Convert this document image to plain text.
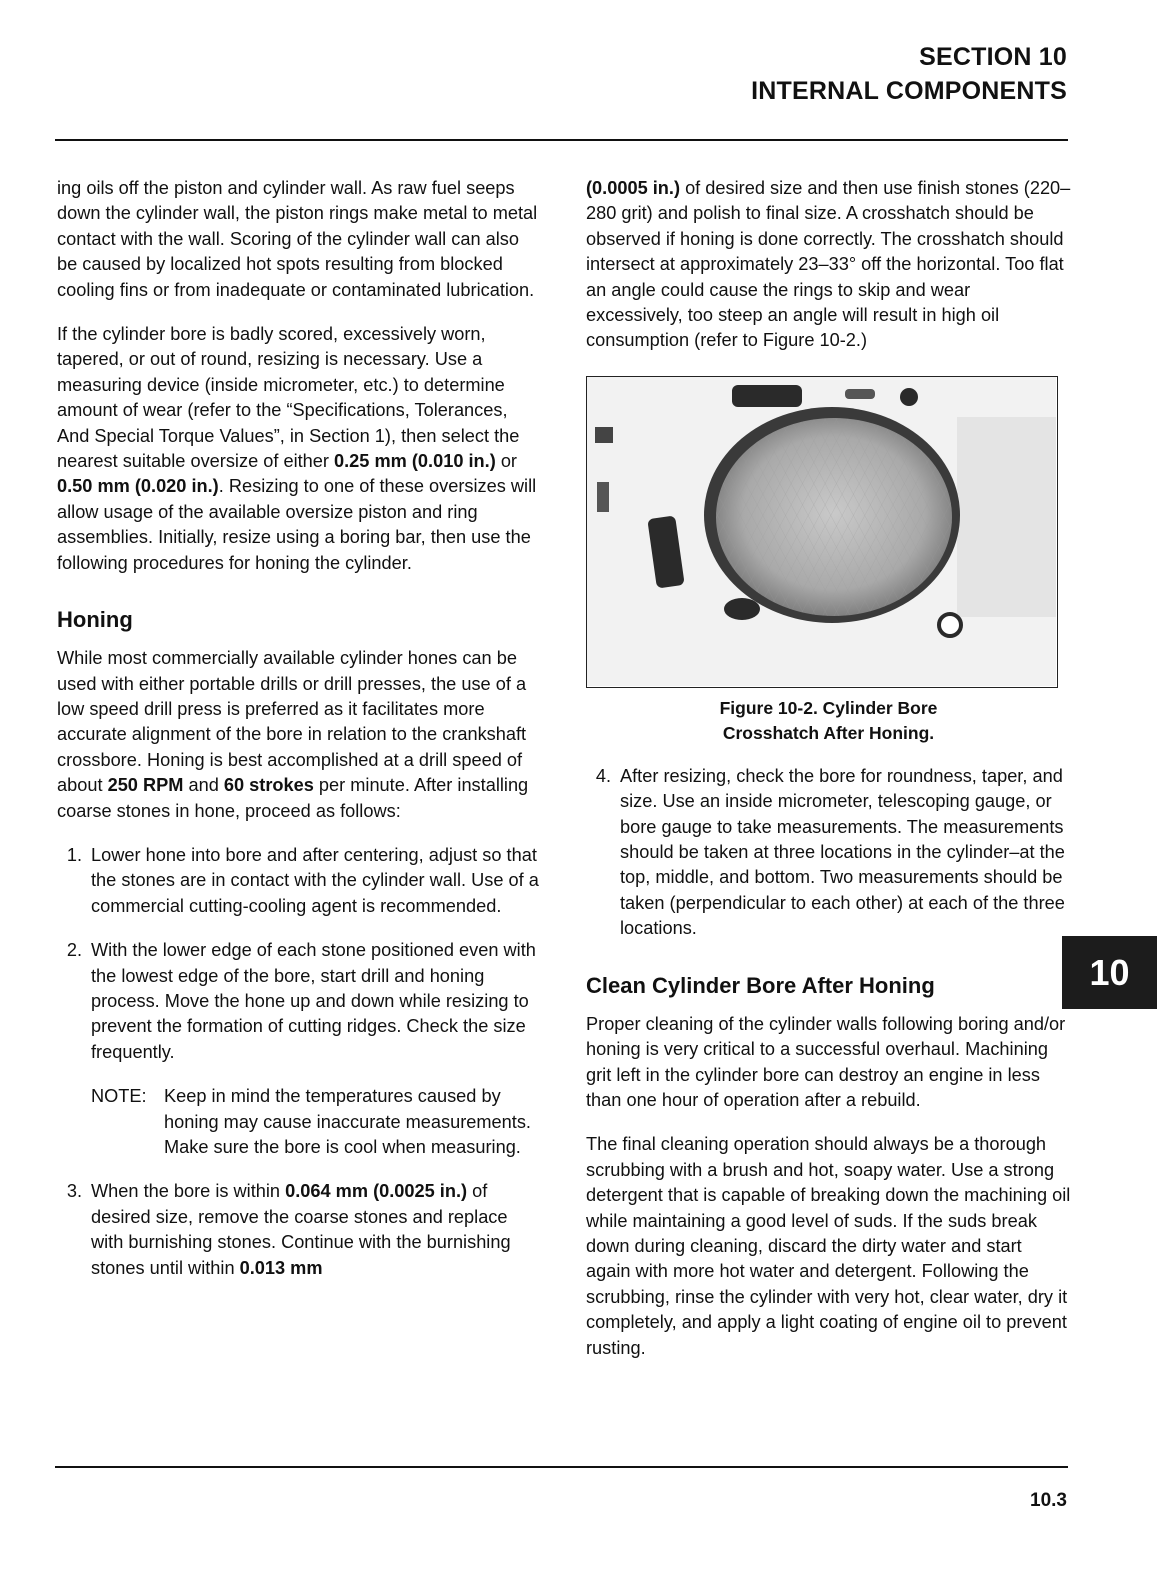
SECTION 10
INTERNAL COMPONENTS

ing oils off the piston and cylinder wall. As raw fuel seeps down the cylinder wall, the piston rings make metal to metal contact with the wall. Scoring of the cylinder wall can also be caused by localized hot spots resulting from blocked cooling fins or from inadequate or contaminated lubrication.

If the cylinder bore is badly scored, excessively worn, tapered, or out of round, resizing is necessary. Use a measuring device (inside micrometer, etc.) to determine amount of wear (refer to the “Specifications, Tolerances, And Special Torque Values”, in Section 1), then select the nearest suitable oversize of either 0.25 mm (0.010 in.) or 0.50 mm (0.020 in.). Resizing to one of these oversizes will allow usage of the available oversize piston and ring assemblies. Initially, resize using a boring bar, then use the following procedures for honing the cylinder.

Honing

While most commercially available cylinder hones can be used with either portable drills or drill presses, the use of a low speed drill press is preferred as it facilitates more accurate alignment of the bore in relation to the crankshaft crossbore. Honing is best accomplished at a drill speed of about 250 RPM and 60 strokes per minute. After installing coarse stones in hone, proceed as follows:

1. Lower hone into bore and after centering, adjust so that the stones are in contact with the cylinder wall. Use of a commercial cutting-cooling agent is recommended.
2. With the lower edge of each stone positioned even with the lowest edge of the bore, start drill and honing process. Move the hone up and down while resizing to prevent the formation of cutting ridges. Check the size frequently.
NOTE: Keep in mind the temperatures caused by honing may cause inaccurate measurements. Make sure the bore is cool when measuring.
3. When the bore is within 0.064 mm (0.0025 in.) of desired size, remove the coarse stones and replace with burnishing stones. Continue with the burnishing stones until within 0.013 mm

(0.0005 in.) of desired size and then use finish stones (220–280 grit) and polish to final size. A crosshatch should be observed if honing is done correctly. The crosshatch should intersect at approximately 23–33° off the horizontal. Too flat an angle could cause the rings to skip and wear excessively, too steep an angle will result in high oil consumption (refer to Figure 10-2.)

Figure 10-2. Cylinder Bore
Crosshatch After Honing.
4. After resizing, check the bore for roundness, taper, and size. Use an inside micrometer, telescoping gauge, or bore gauge to take measurements. The measurements should be taken at three locations in the cylinder–at the top, middle, and bottom. Two measurements should be taken (perpendicular to each other) at each of the three locations.
Clean Cylinder Bore After Honing

Proper cleaning of the cylinder walls following boring and/or honing is very critical to a successful overhaul. Machining grit left in the cylinder bore can destroy an engine in less than one hour of operation after a rebuild.

The final cleaning operation should always be a thorough scrubbing with a brush and hot, soapy water. Use a strong detergent that is capable of breaking down the machining oil while maintaining a good level of suds. If the suds break down during cleaning, discard the dirty water and start again with more hot water and detergent. Following the scrubbing, rinse the cylinder with very hot, clear water, dry it completely, and apply a light coating of engine oil to prevent rusting.

10
10.3
